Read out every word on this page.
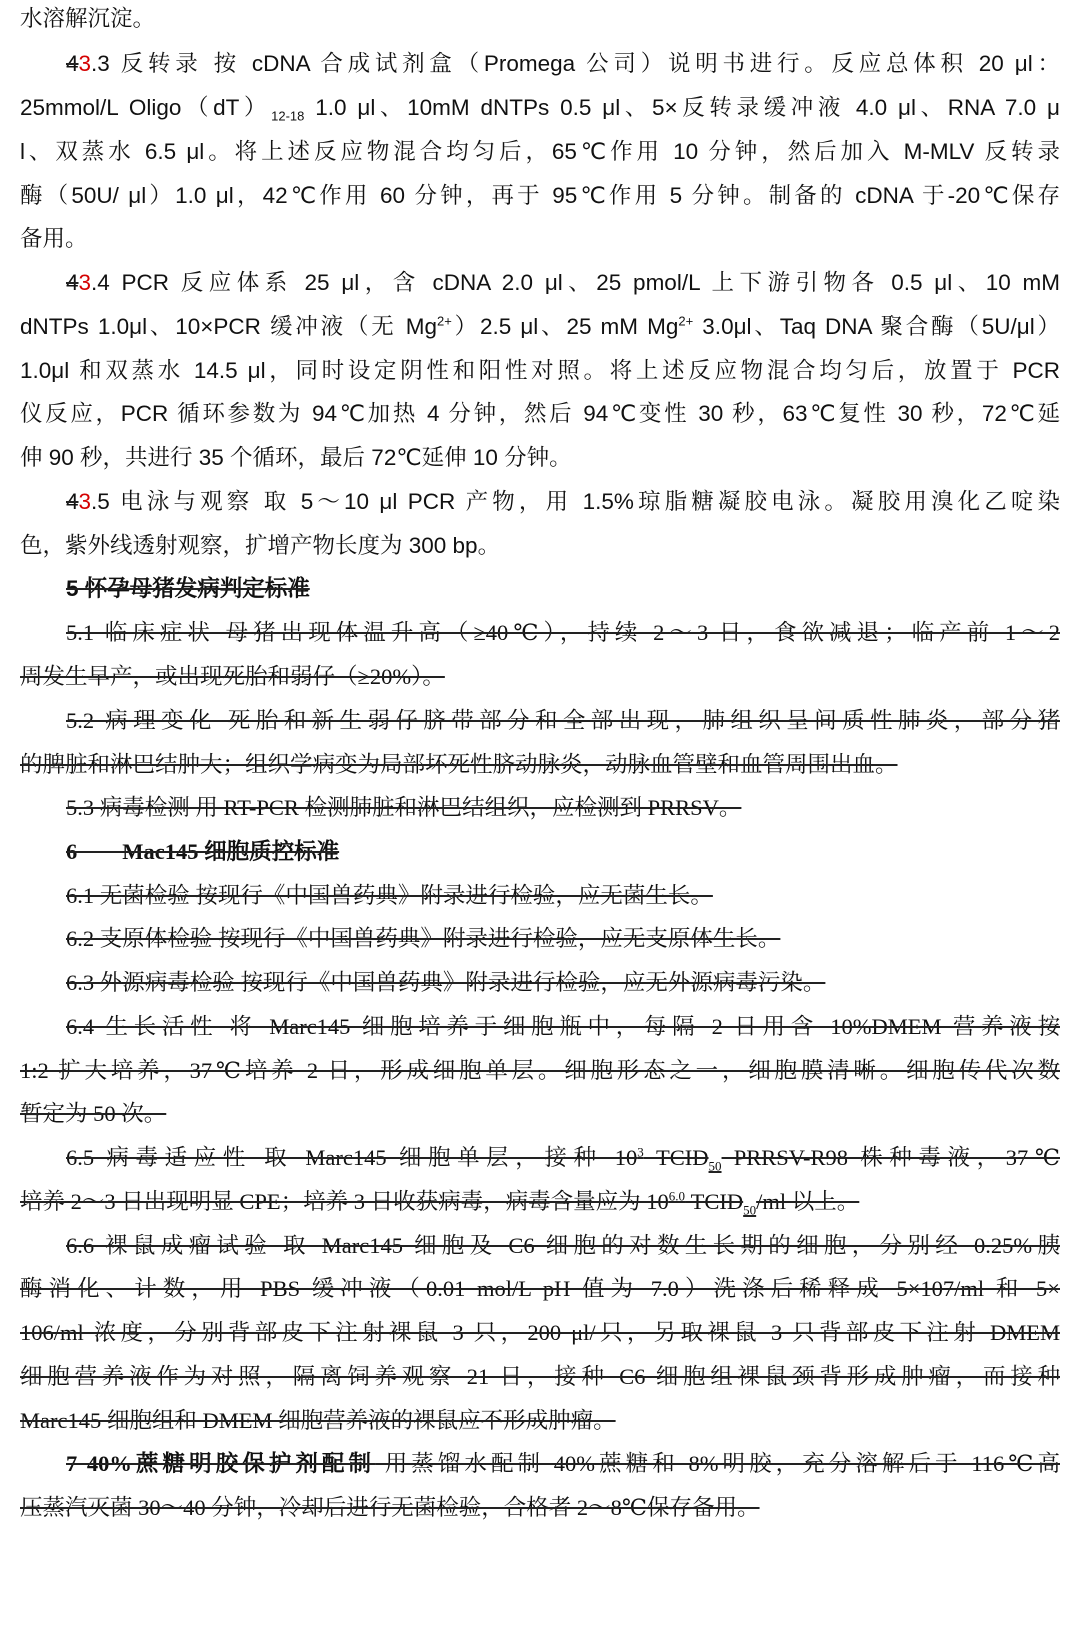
水溶解沉淀。
43.3 反转录 按 cDNA 合成试剂盒（Promega 公司）说明书进行。反应总体积 20 μl：
25mmol/L $Oligo(dT)_{12-18}$ 1.0 μl、10mM dNTPs 0.5 μl、5×反转录缓冲液 4.0 μl、RNA 7.0 μ
l、双蒸水 6.5 μl。将上述反应物混合均匀后，65℃作用 10 分钟，然后加入 M-MLV 反转录
酶（50U/ μl）1.0 μl，42℃作用 60 分钟，再于 95℃作用 5 分钟。制备的 cDNA 于-20℃保存
备用。
43.4 PCR 反应体系 25 μl，含 cDNA 2.0 μl、25 pmol/L 上下游引物各 0.5 μl、10 mM
dNTPs 1.0μl、10×PCR 缓冲液（无 $Mg^{2+})2.5$ μl、25 mM $Mg^{2+}$ 3.0μl、Taq DNA 聚合酶（5U/μl）
1.0μl 和双蒸水 14.5 μl，同时设定阴性和阳性对照。将上述反应物混合均匀后，放置于 PCR
仪反应，PCR 循环参数为 94℃加热 4 分钟，然后 94℃变性 30 秒，63℃复性 30 秒，72℃延
伸 90 秒，共进行 35 个循环，最后 72℃延伸 10 分钟。
43.5 电泳与观察 取 5～10 μl PCR 产物，用 1.5%琼脂糖凝胶电泳。凝胶用溴化乙啶染
色，紫外线透射观察，扩增产物长度为 300 bp。
5 怀孕母猪发病判定标准
5.1 临床症状 母猪出现体温升高（≥40℃），持续 2～3 日，食欲减退；临产前 1～2
周发生早产，或出现死胎和弱仔（≥20%）。
5.2 病理变化 死胎和新生弱仔脐带部分和全部出现，肺组织呈间质性肺炎，部分猪
的脾脏和淋巴结肿大；组织学病变为局部坏死性脐动脉炎，动脉血管壁和血管周围出血。
5.3 病毒检测 用 RT-PCR 检测肺脏和淋巴结组织，应检测到 PRRSV。
6　　Mac145 细胞质控标准
6.1 无菌检验 按现行《中国兽药典》附录进行检验，应无菌生长。
6.2 支原体检验 按现行《中国兽药典》附录进行检验，应无支原体生长。
6.3 外源病毒检验 按现行《中国兽药典》附录进行检验，应无外源病毒污染。
6.4 生长活性 将 Marc145 细胞培养于细胞瓶中，每隔 2 日用含 10%DMEM 营养液按
1:2 扩大培养，37℃培养 2 日，形成细胞单层。细胞形态之一，细胞膜清晰。细胞传代次数
暂定为 50 次。
6.5 病毒适应性 取 Marc145 细胞单层，接种 $10^3$ $TCID_{50}$ PRRSV-R98 株种毒液，37℃
培养 2～3 日出现明显 CPE；培养 3 日收获病毒，病毒含量应为 $10^{6.0}$ $TCID_{50}/ml$ 以上。
6.6 裸鼠成瘤试验 取 Marc145 细胞及 C6 细胞的对数生长期的细胞，分别经 0.25%胰
酶消化、计数，用 PBS 缓冲液（0.01 mol/L pH 值为 7.0）洗涤后稀释成 5×107/ml 和 5×
106/ml 浓度，分别背部皮下注射裸鼠 3 只，200 μl/只，另取裸鼠 3 只背部皮下注射 DMEM
细胞营养液作为对照，隔离饲养观察 21 日，接种 C6 细胞组裸鼠颈背形成肿瘤，而接种
Marc145 细胞组和 DMEM 细胞营养液的裸鼠应不形成肿瘤。
7 40%蔗糖明胶保护剂配制 用蒸馏水配制 40%蔗糖和 8%明胶，充分溶解后于 116℃高
压蒸汽灭菌 30～40 分钟，冷却后进行无菌检验，合格者 2～8℃保存备用。
